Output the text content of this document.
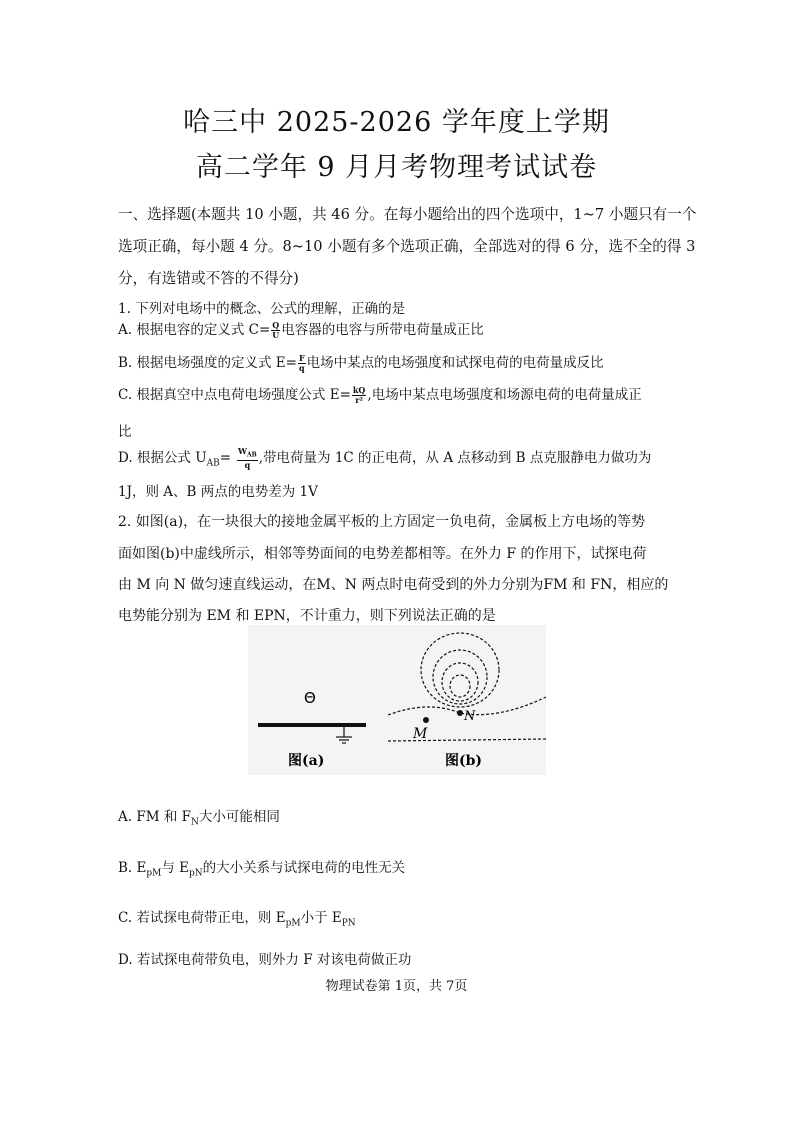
哈三中 2025-2026 学年度上学期
高二学年 9 月月考物理考试试卷
一、选择题(本题共 10 小题，共 46 分。在每小题给出的四个选项中，1~7 小题只有一个
选项正确，每小题 4 分。8~10 小题有多个选项正确，全部选对的得 6 分，选不全的得 3
分，有选错或不答的不得分)
1. 下列对电场中的概念、公式的理解，正确的是
A. 根据电容的定义式 $C= \frac{Q}{U}$ 电容器的电容与所带电荷量成正比
B. 根据电场强度的定义式 $E= \frac{F}{q}$ 电场中某点的电场强度和试探电荷的电荷量成反比
C. 根据真空中点电荷电场强度公式 $E= \frac{kQ}{\text{r²}}$ ,电场中某点电场强度和场源电荷的电荷量成正
比
D. 根据公式 $U_{AB}= \frac{W_{AB}}{q}$ ,带电荷量为 1C 的正电荷，从 A 点移动到 B 点克服静电力做功为
1J，则 A、B 两点的电势差为 1V
2. 如图(a)，在一块很大的接地金属平板的上方固定一负电荷，金属板上方电场的等势
面如图(b)中虚线所示，相邻等势面间的电势差都相等。在外力 F 的作用下，试探电荷
由 M 向 N 做匀速直线运动，在M、N 两点时电荷受到的外力分别为FM 和 FN，相应的
电势能分别为 EM 和 EPN，不计重力，则下列说法正确的是
Θ
图(a)
M
N
图(b)
A. FM 和 $F_N$大小可能相同
B. $E_{pM}$与 $E_{pN}$的大小关系与试探电荷的电性无关
C. 若试探电荷带正电，则 $E_{pM}$小于 $E_{PN}$
D. 若试探电荷带负电，则外力 F 对该电荷做正功
物理试卷第 1页，共 7页
